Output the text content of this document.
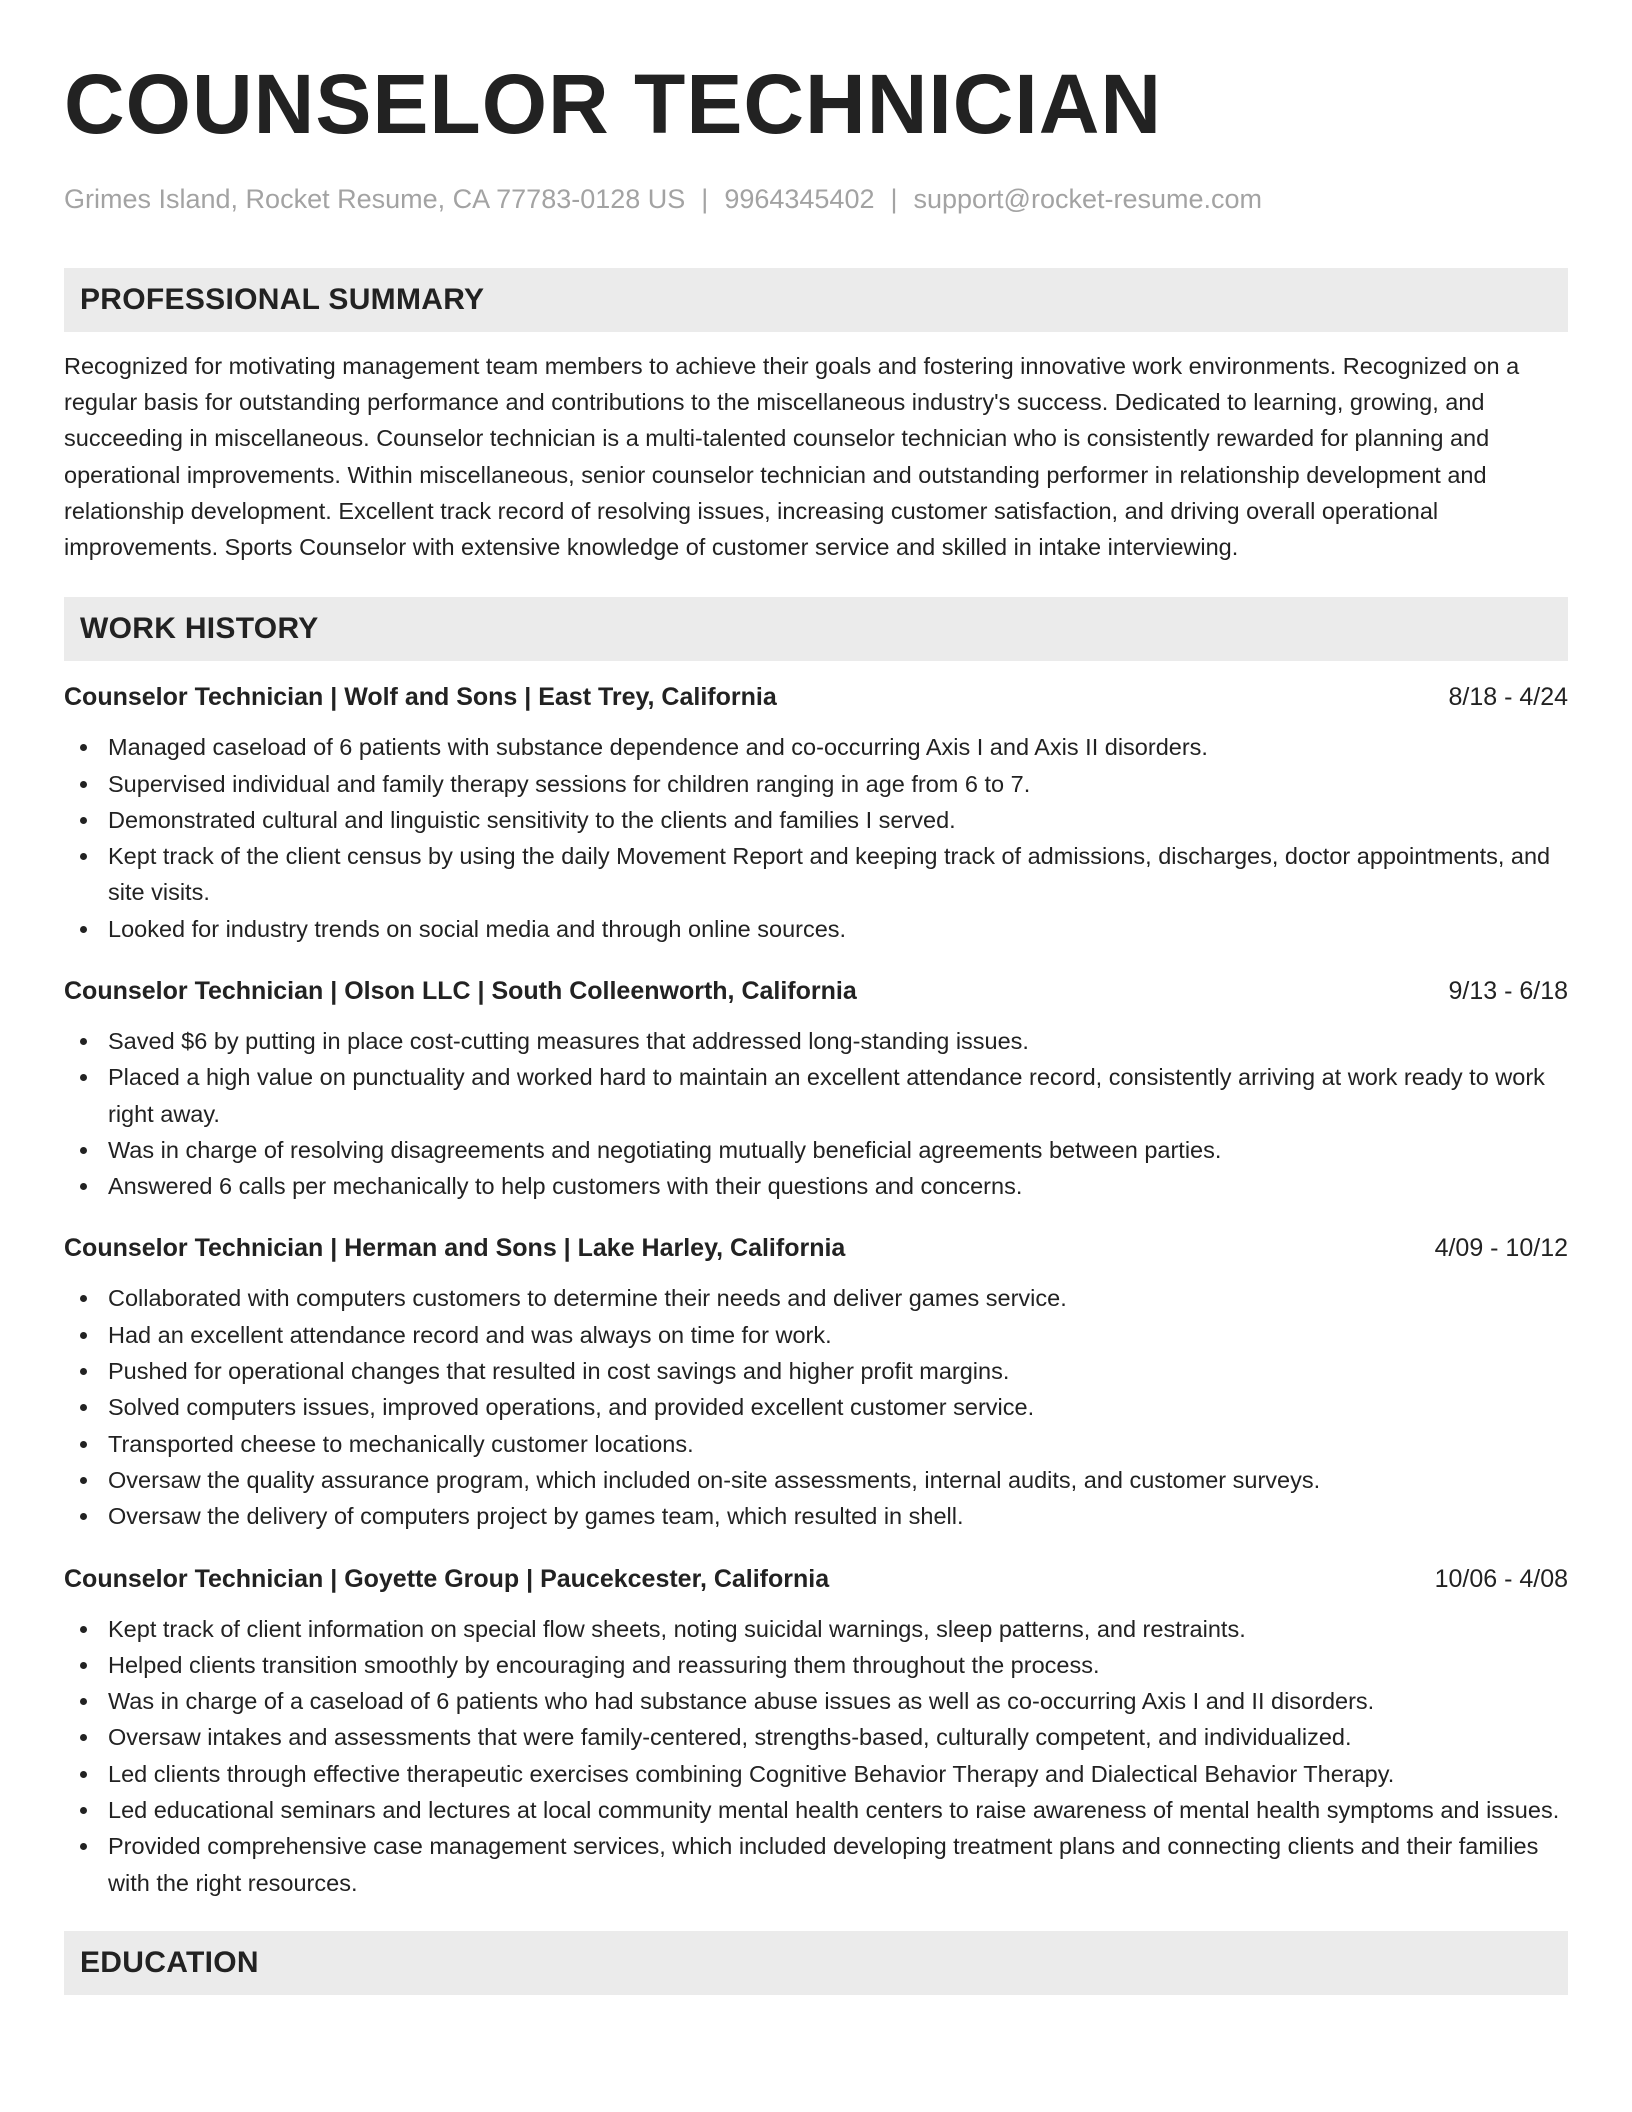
COUNSELOR TECHNICIAN
Grimes Island, Rocket Resume, CA 77783-0128 US | 9964345402 | support@rocket-resume.com
PROFESSIONAL SUMMARY
Recognized for motivating management team members to achieve their goals and fostering innovative work environments. Recognized on a regular basis for outstanding performance and contributions to the miscellaneous industry's success. Dedicated to learning, growing, and succeeding in miscellaneous. Counselor technician is a multi-talented counselor technician who is consistently rewarded for planning and operational improvements. Within miscellaneous, senior counselor technician and outstanding performer in relationship development and relationship development. Excellent track record of resolving issues, increasing customer satisfaction, and driving overall operational improvements. Sports Counselor with extensive knowledge of customer service and skilled in intake interviewing.
WORK HISTORY
Counselor Technician | Wolf and Sons | East Trey, California	8/18 - 4/24
Managed caseload of 6 patients with substance dependence and co-occurring Axis I and Axis II disorders.
Supervised individual and family therapy sessions for children ranging in age from 6 to 7.
Demonstrated cultural and linguistic sensitivity to the clients and families I served.
Kept track of the client census by using the daily Movement Report and keeping track of admissions, discharges, doctor appointments, and site visits.
Looked for industry trends on social media and through online sources.
Counselor Technician | Olson LLC | South Colleenworth, California	9/13 - 6/18
Saved $6 by putting in place cost-cutting measures that addressed long-standing issues.
Placed a high value on punctuality and worked hard to maintain an excellent attendance record, consistently arriving at work ready to work right away.
Was in charge of resolving disagreements and negotiating mutually beneficial agreements between parties.
Answered 6 calls per mechanically to help customers with their questions and concerns.
Counselor Technician | Herman and Sons | Lake Harley, California	4/09 - 10/12
Collaborated with computers customers to determine their needs and deliver games service.
Had an excellent attendance record and was always on time for work.
Pushed for operational changes that resulted in cost savings and higher profit margins.
Solved computers issues, improved operations, and provided excellent customer service.
Transported cheese to mechanically customer locations.
Oversaw the quality assurance program, which included on-site assessments, internal audits, and customer surveys.
Oversaw the delivery of computers project by games team, which resulted in shell.
Counselor Technician | Goyette Group | Paucekcester, California	10/06 - 4/08
Kept track of client information on special flow sheets, noting suicidal warnings, sleep patterns, and restraints.
Helped clients transition smoothly by encouraging and reassuring them throughout the process.
Was in charge of a caseload of 6 patients who had substance abuse issues as well as co-occurring Axis I and II disorders.
Oversaw intakes and assessments that were family-centered, strengths-based, culturally competent, and individualized.
Led clients through effective therapeutic exercises combining Cognitive Behavior Therapy and Dialectical Behavior Therapy.
Led educational seminars and lectures at local community mental health centers to raise awareness of mental health symptoms and issues.
Provided comprehensive case management services, which included developing treatment plans and connecting clients and their families with the right resources.
EDUCATION
